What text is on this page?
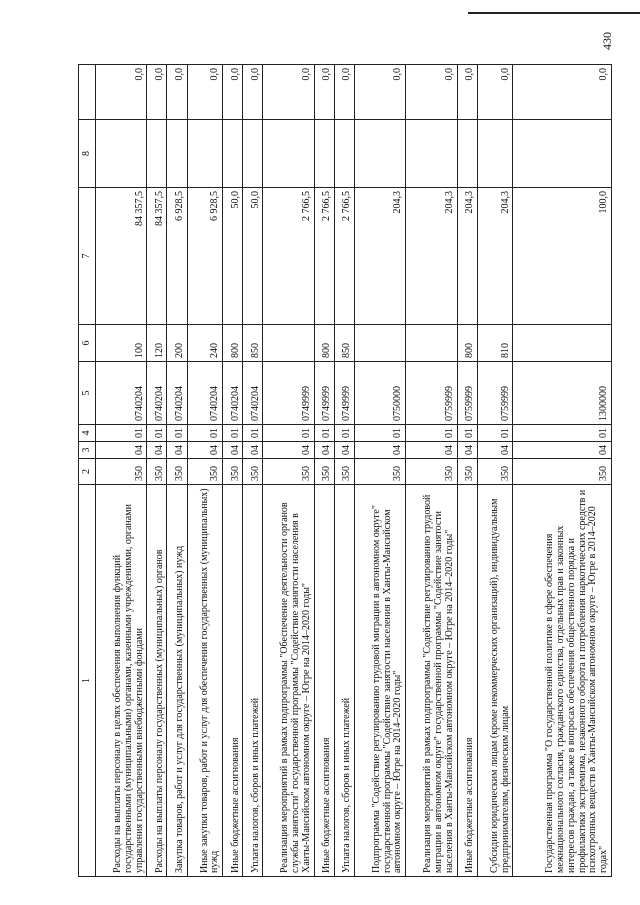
430
1	2	3	4	5	6	7	8	
Расходы на выплаты персоналу в целях обеспечения выполнения функций государственными (муниципальными) органами, казенными учреждениями, органами управления государственными внебюджетными фондами	350	04	01	0740204	100	84 357,5		0,0
Расходы на выплаты персоналу государственных (муниципальных) органов	350	04	01	0740204	120	84 357,5		0,0
Закупка товаров, работ и услуг для государственных (муниципальных) нужд	350	04	01	0740204	200	6 928,5		0,0
Иные закупки товаров, работ и услуг для обеспечения государственных (муниципальных) нужд	350	04	01	0740204	240	6 928,5		0,0
Иные бюджетные ассигнования	350	04	01	0740204	800	50,0		0,0
Уплата налогов, сборов и иных платежей	350	04	01	0740204	850	50,0		0,0
Реализация мероприятий в рамках подпрограммы "Обеспечение деятельности органов службы занятости" государственной программы "Содействие занятости населения в Ханты-Мансийском автономном округе – Югре на 2014–2020 годы"	350	04	01	0749999		2 766,5		0,0
Иные бюджетные ассигнования	350	04	01	0749999	800	2 766,5		0,0
Уплата налогов, сборов и иных платежей	350	04	01	0749999	850	2 766,5		0,0
Подпрограмма "Содействие регулированию трудовой миграции в автономном округе" государственной программы "Содействие занятости населения в Ханты-Мансийском автономном округе – Югре на 2014–2020 годы"	350	04	01	0750000		204,3		0,0
Реализация мероприятий в рамках подпрограммы "Содействие регулированию трудовой миграции в автономном округе" государственной программы "Содействие занятости населения в Ханты-Мансийском автономном округе – Югре на 2014–2020 годы"	350	04	01	0759999		204,3		0,0
Иные бюджетные ассигнования	350	04	01	0759999	800	204,3		0,0
Субсидии юридическим лицам (кроме некоммерческих организаций), индивидуальным предпринимателям, физическим лицам	350	04	01	0759999	810	204,3		0,0
Государственная программа "О государственной политике в сфере обеспечения межнационального согласия, гражданского единства, отдельных прав и законных интересов граждан, а также в вопросах обеспечения общественного порядка и профилактики экстремизма, незаконного оборота и потребления наркотических средств и психотропных веществ в Ханты-Мансийском автономном округе – Югре в 2014–2020 годах"	350	04	01	1300000		100,0		0,0
